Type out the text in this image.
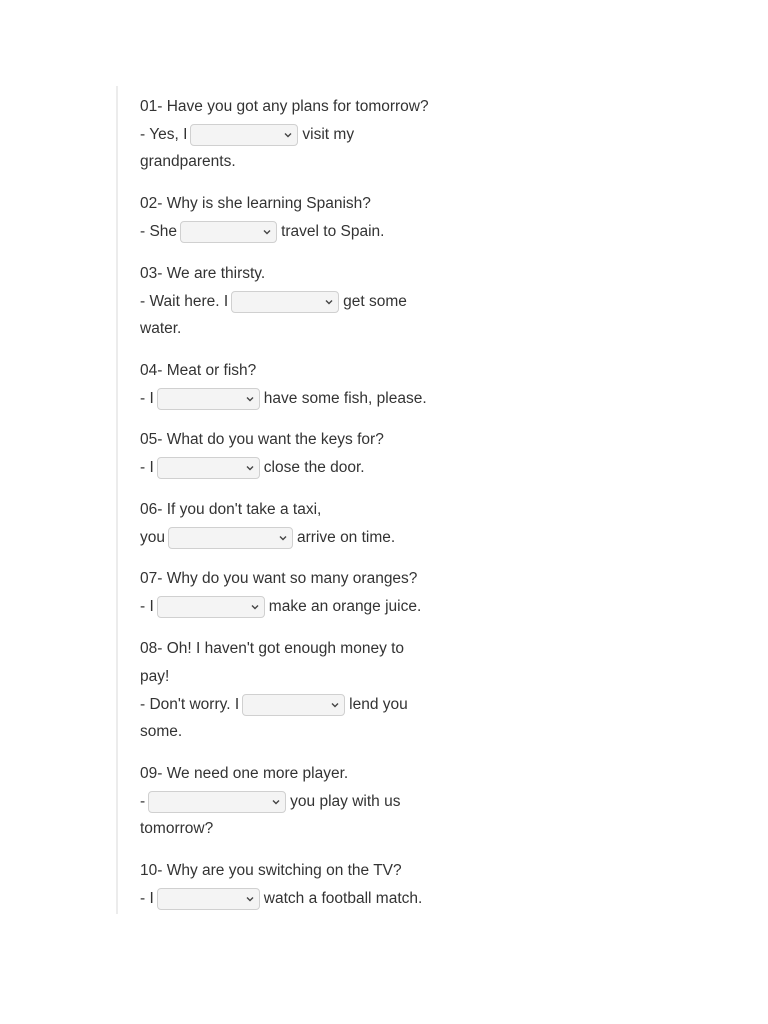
01- Have you got any plans for tomorrow?
- Yes, I	visit my
grandparents.
02- Why is she learning Spanish?
- She	travel to Spain.
03- We are thirsty.
- Wait here. I	get some
water.
04- Meat or fish?
- I	have some fish, please.
05- What do you want the keys for?
- I	close the door.
06- If you don't take a taxi,
you	arrive on time.
07- Why do you want so many oranges?
- I	make an orange juice.
08- Oh! I haven't got enough money to
pay!
- Don't worry. I	lend you
some.
09- We need one more player.
-	you play with us
tomorrow?
10- Why are you switching on the TV?
- I	watch a football match.
